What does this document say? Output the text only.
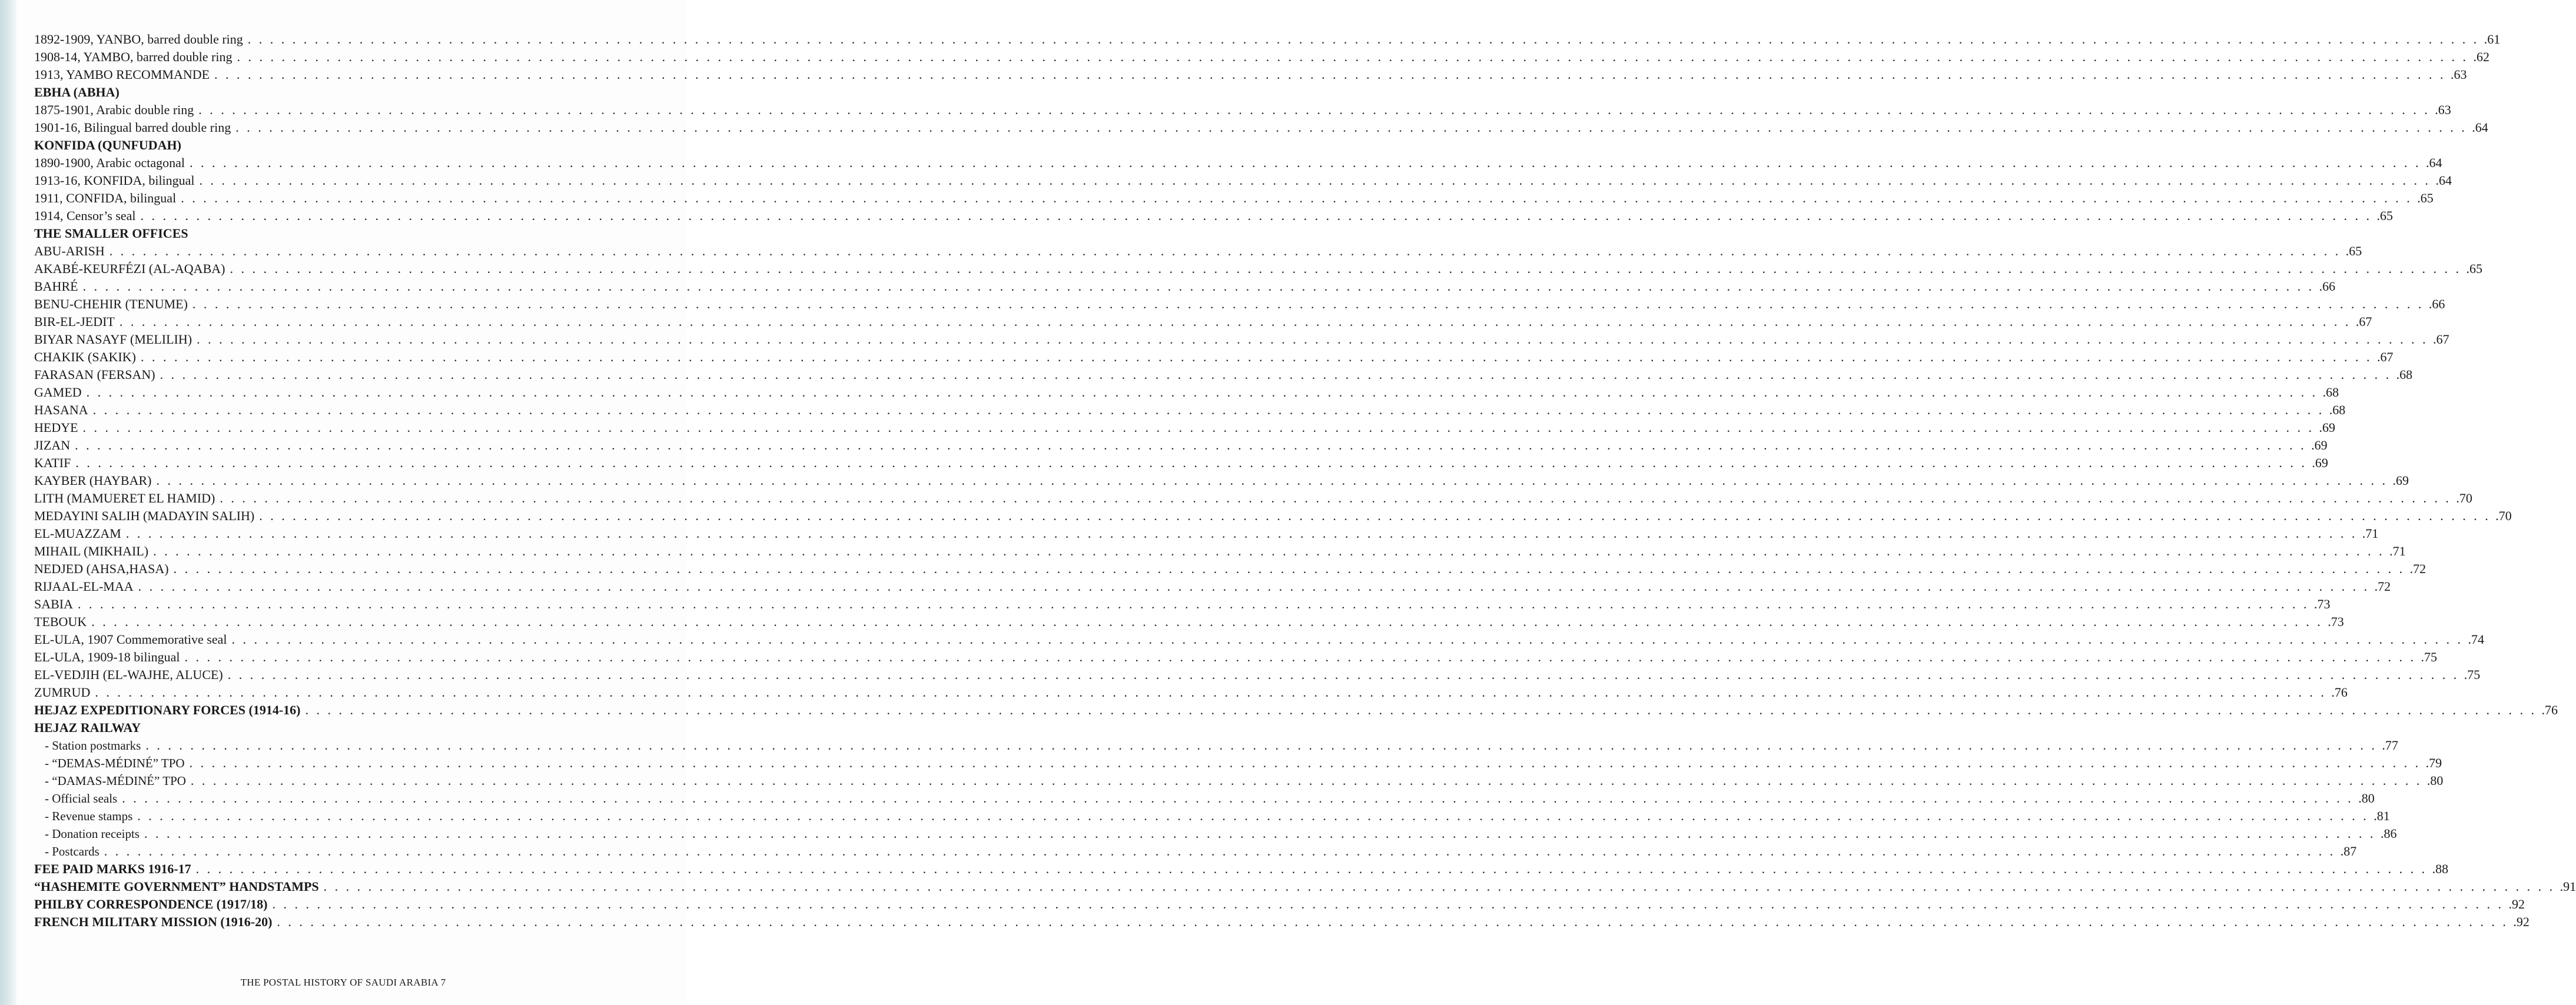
1892-1909, YANBO, barred double ring . . . . . . . . . . . . . . . . . . . . . . . . . . . . . . . . . . . . . . . . . . . . . . . . . . . . . . . . . . . . . . . . . . . . . . . . . . . . . . . . . . . . . . . . . . . . . . . . . . . . . . . . . . . . . . . . . . . . . . . . . . . . . . . . . . . . . . . . . . . . . . . . . . . . . . . . . . . . . . . . . . . . . . . . . . . . . . . . . . . . . . . . . . . . . . . . . . . . . . . . .61
1908-14, YAMBO, barred double ring . . . . . . . . . . . . . . . . . . . . . . . . . . . . . . . . . . . . . . . . . . . . . . . . . . . . . . . . . . . . . . . . . . . . . . . . . . . . . . . . . . . . . . . . . . . . . . . . . . . . . . . . . . . . . . . . . . . . . . . . . . . . . . . . . . . . . . . . . . . . . . . . . . . . . . . . . . . . . . . . . . . . . . . . . . . . . . . . . . . . . . . . . . . . . . . . . . . . . . . . .62
1913, YAMBO RECOMMANDE . . . . . . . . . . . . . . . . . . . . . . . . . . . . . . . . . . . . . . . . . . . . . . . . . . . . . . . . . . . . . . . . . . . . . . . . . . . . . . . . . . . . . . . . . . . . . . . . . . . . . . . . . . . . . . . . . . . . . . . . . . . . . . . . . . . . . . . . . . . . . . . . . . . . . . . . . . . . . . . . . . . . . . . . . . . . . . . . . . . . . . . . . . . . . . . . . . . . . . . . .63
EBHA (ABHA)
1875-1901, Arabic double ring . . . . . . . . . . . . . . . . . . . . . . . . . . . . . . . . . . . . . . . . . . . . . . . . . . . . . . . . . . . . . . . . . . . . . . . . . . . . . . . . . . . . . . . . . . . . . . . . . . . . . . . . . . . . . . . . . . . . . . . . . . . . . . . . . . . . . . . . . . . . . . . . . . . . . . . . . . . . . . . . . . . . . . . . . . . . . . . . . . . . . . . . . . . . . . . . . . . . . . . . .63
1901-16, Bilingual barred double ring . . . . . . . . . . . . . . . . . . . . . . . . . . . . . . . . . . . . . . . . . . . . . . . . . . . . . . . . . . . . . . . . . . . . . . . . . . . . . . . . . . . . . . . . . . . . . . . . . . . . . . . . . . . . . . . . . . . . . . . . . . . . . . . . . . . . . . . . . . . . . . . . . . . . . . . . . . . . . . . . . . . . . . . . . . . . . . . . . . . . . . . . . . . . . . . . . . . . . . . . .64
KONFIDA (QUNFUDAH)
1890-1900, Arabic octagonal . . . . . . . . . . . . . . . . . . . . . . . . . . . . . . . . . . . . . . . . . . . . . . . . . . . . . . . . . . . . . . . . . . . . . . . . . . . . . . . . . . . . . . . . . . . . . . . . . . . . . . . . . . . . . . . . . . . . . . . . . . . . . . . . . . . . . . . . . . . . . . . . . . . . . . . . . . . . . . . . . . . . . . . . . . . . . . . . . . . . . . . . . . . . . . . . . . . . . . . . .64
1913-16, KONFIDA, bilingual . . . . . . . . . . . . . . . . . . . . . . . . . . . . . . . . . . . . . . . . . . . . . . . . . . . . . . . . . . . . . . . . . . . . . . . . . . . . . . . . . . . . . . . . . . . . . . . . . . . . . . . . . . . . . . . . . . . . . . . . . . . . . . . . . . . . . . . . . . . . . . . . . . . . . . . . . . . . . . . . . . . . . . . . . . . . . . . . . . . . . . . . . . . . . . . . . . . . . . . . .64
1911, CONFIDA, bilingual . . . . . . . . . . . . . . . . . . . . . . . . . . . . . . . . . . . . . . . . . . . . . . . . . . . . . . . . . . . . . . . . . . . . . . . . . . . . . . . . . . . . . . . . . . . . . . . . . . . . . . . . . . . . . . . . . . . . . . . . . . . . . . . . . . . . . . . . . . . . . . . . . . . . . . . . . . . . . . . . . . . . . . . . . . . . . . . . . . . . . . . . . . . . . . . . . . . . . . . . .65
1914, Censor’s seal . . . . . . . . . . . . . . . . . . . . . . . . . . . . . . . . . . . . . . . . . . . . . . . . . . . . . . . . . . . . . . . . . . . . . . . . . . . . . . . . . . . . . . . . . . . . . . . . . . . . . . . . . . . . . . . . . . . . . . . . . . . . . . . . . . . . . . . . . . . . . . . . . . . . . . . . . . . . . . . . . . . . . . . . . . . . . . . . . . . . . . . . . . . . . . . . . . . . . . . . .65
THE SMALLER OFFICES
ABU-ARISH . . . . . . . . . . . . . . . . . . . . . . . . . . . . . . . . . . . . . . . . . . . . . . . . . . . . . . . . . . . . . . . . . . . . . . . . . . . . . . . . . . . . . . . . . . . . . . . . . . . . . . . . . . . . . . . . . . . . . . . . . . . . . . . . . . . . . . . . . . . . . . . . . . . . . . . . . . . . . . . . . . . . . . . . . . . . . . . . . . . . . . . . . . . . . . . . . . . . . . . . .65
AKABÉ-KEURFÉZI (AL-AQABA) . . . . . . . . . . . . . . . . . . . . . . . . . . . . . . . . . . . . . . . . . . . . . . . . . . . . . . . . . . . . . . . . . . . . . . . . . . . . . . . . . . . . . . . . . . . . . . . . . . . . . . . . . . . . . . . . . . . . . . . . . . . . . . . . . . . . . . . . . . . . . . . . . . . . . . . . . . . . . . . . . . . . . . . . . . . . . . . . . . . . . . . . . . . . . . . . . . . . . . . . .65
BAHRÉ . . . . . . . . . . . . . . . . . . . . . . . . . . . . . . . . . . . . . . . . . . . . . . . . . . . . . . . . . . . . . . . . . . . . . . . . . . . . . . . . . . . . . . . . . . . . . . . . . . . . . . . . . . . . . . . . . . . . . . . . . . . . . . . . . . . . . . . . . . . . . . . . . . . . . . . . . . . . . . . . . . . . . . . . . . . . . . . . . . . . . . . . . . . . . . . . . . . . . . . . .66
BENU-CHEHIR (TENUME) . . . . . . . . . . . . . . . . . . . . . . . . . . . . . . . . . . . . . . . . . . . . . . . . . . . . . . . . . . . . . . . . . . . . . . . . . . . . . . . . . . . . . . . . . . . . . . . . . . . . . . . . . . . . . . . . . . . . . . . . . . . . . . . . . . . . . . . . . . . . . . . . . . . . . . . . . . . . . . . . . . . . . . . . . . . . . . . . . . . . . . . . . . . . . . . . . . . . . . . . .66
BIR-EL-JEDIT . . . . . . . . . . . . . . . . . . . . . . . . . . . . . . . . . . . . . . . . . . . . . . . . . . . . . . . . . . . . . . . . . . . . . . . . . . . . . . . . . . . . . . . . . . . . . . . . . . . . . . . . . . . . . . . . . . . . . . . . . . . . . . . . . . . . . . . . . . . . . . . . . . . . . . . . . . . . . . . . . . . . . . . . . . . . . . . . . . . . . . . . . . . . . . . . . . . . . . . . .67
BIYAR NASAYF (MELILIH) . . . . . . . . . . . . . . . . . . . . . . . . . . . . . . . . . . . . . . . . . . . . . . . . . . . . . . . . . . . . . . . . . . . . . . . . . . . . . . . . . . . . . . . . . . . . . . . . . . . . . . . . . . . . . . . . . . . . . . . . . . . . . . . . . . . . . . . . . . . . . . . . . . . . . . . . . . . . . . . . . . . . . . . . . . . . . . . . . . . . . . . . . . . . . . . . . . . . . . . . .67
CHAKIK (SAKIK) . . . . . . . . . . . . . . . . . . . . . . . . . . . . . . . . . . . . . . . . . . . . . . . . . . . . . . . . . . . . . . . . . . . . . . . . . . . . . . . . . . . . . . . . . . . . . . . . . . . . . . . . . . . . . . . . . . . . . . . . . . . . . . . . . . . . . . . . . . . . . . . . . . . . . . . . . . . . . . . . . . . . . . . . . . . . . . . . . . . . . . . . . . . . . . . . . . . . . . . . .67
FARASAN (FERSAN) . . . . . . . . . . . . . . . . . . . . . . . . . . . . . . . . . . . . . . . . . . . . . . . . . . . . . . . . . . . . . . . . . . . . . . . . . . . . . . . . . . . . . . . . . . . . . . . . . . . . . . . . . . . . . . . . . . . . . . . . . . . . . . . . . . . . . . . . . . . . . . . . . . . . . . . . . . . . . . . . . . . . . . . . . . . . . . . . . . . . . . . . . . . . . . . . . . . . . . . . .68
GAMED . . . . . . . . . . . . . . . . . . . . . . . . . . . . . . . . . . . . . . . . . . . . . . . . . . . . . . . . . . . . . . . . . . . . . . . . . . . . . . . . . . . . . . . . . . . . . . . . . . . . . . . . . . . . . . . . . . . . . . . . . . . . . . . . . . . . . . . . . . . . . . . . . . . . . . . . . . . . . . . . . . . . . . . . . . . . . . . . . . . . . . . . . . . . . . . . . . . . . . . . .68
HASANA . . . . . . . . . . . . . . . . . . . . . . . . . . . . . . . . . . . . . . . . . . . . . . . . . . . . . . . . . . . . . . . . . . . . . . . . . . . . . . . . . . . . . . . . . . . . . . . . . . . . . . . . . . . . . . . . . . . . . . . . . . . . . . . . . . . . . . . . . . . . . . . . . . . . . . . . . . . . . . . . . . . . . . . . . . . . . . . . . . . . . . . . . . . . . . . . . . . . . . . . .68
HEDYE . . . . . . . . . . . . . . . . . . . . . . . . . . . . . . . . . . . . . . . . . . . . . . . . . . . . . . . . . . . . . . . . . . . . . . . . . . . . . . . . . . . . . . . . . . . . . . . . . . . . . . . . . . . . . . . . . . . . . . . . . . . . . . . . . . . . . . . . . . . . . . . . . . . . . . . . . . . . . . . . . . . . . . . . . . . . . . . . . . . . . . . . . . . . . . . . . . . . . . . . .69
JIZAN . . . . . . . . . . . . . . . . . . . . . . . . . . . . . . . . . . . . . . . . . . . . . . . . . . . . . . . . . . . . . . . . . . . . . . . . . . . . . . . . . . . . . . . . . . . . . . . . . . . . . . . . . . . . . . . . . . . . . . . . . . . . . . . . . . . . . . . . . . . . . . . . . . . . . . . . . . . . . . . . . . . . . . . . . . . . . . . . . . . . . . . . . . . . . . . . . . . . . . . . .69
KATIF . . . . . . . . . . . . . . . . . . . . . . . . . . . . . . . . . . . . . . . . . . . . . . . . . . . . . . . . . . . . . . . . . . . . . . . . . . . . . . . . . . . . . . . . . . . . . . . . . . . . . . . . . . . . . . . . . . . . . . . . . . . . . . . . . . . . . . . . . . . . . . . . . . . . . . . . . . . . . . . . . . . . . . . . . . . . . . . . . . . . . . . . . . . . . . . . . . . . . . . . .69
KAYBER (HAYBAR) . . . . . . . . . . . . . . . . . . . . . . . . . . . . . . . . . . . . . . . . . . . . . . . . . . . . . . . . . . . . . . . . . . . . . . . . . . . . . . . . . . . . . . . . . . . . . . . . . . . . . . . . . . . . . . . . . . . . . . . . . . . . . . . . . . . . . . . . . . . . . . . . . . . . . . . . . . . . . . . . . . . . . . . . . . . . . . . . . . . . . . . . . . . . . . . . . . . . . . . . .69
LITH (MAMUERET EL HAMID) . . . . . . . . . . . . . . . . . . . . . . . . . . . . . . . . . . . . . . . . . . . . . . . . . . . . . . . . . . . . . . . . . . . . . . . . . . . . . . . . . . . . . . . . . . . . . . . . . . . . . . . . . . . . . . . . . . . . . . . . . . . . . . . . . . . . . . . . . . . . . . . . . . . . . . . . . . . . . . . . . . . . . . . . . . . . . . . . . . . . . . . . . . . . . . . . . . . . . . . . .70
MEDAYINI SALIH (MADAYIN SALIH) . . . . . . . . . . . . . . . . . . . . . . . . . . . . . . . . . . . . . . . . . . . . . . . . . . . . . . . . . . . . . . . . . . . . . . . . . . . . . . . . . . . . . . . . . . . . . . . . . . . . . . . . . . . . . . . . . . . . . . . . . . . . . . . . . . . . . . . . . . . . . . . . . . . . . . . . . . . . . . . . . . . . . . . . . . . . . . . . . . . . . . . . . . . . . . . . . . . . . . . . .70
EL-MUAZZAM . . . . . . . . . . . . . . . . . . . . . . . . . . . . . . . . . . . . . . . . . . . . . . . . . . . . . . . . . . . . . . . . . . . . . . . . . . . . . . . . . . . . . . . . . . . . . . . . . . . . . . . . . . . . . . . . . . . . . . . . . . . . . . . . . . . . . . . . . . . . . . . . . . . . . . . . . . . . . . . . . . . . . . . . . . . . . . . . . . . . . . . . . . . . . . . . . . . . . . . . .71
MIHAIL (MIKHAIL) . . . . . . . . . . . . . . . . . . . . . . . . . . . . . . . . . . . . . . . . . . . . . . . . . . . . . . . . . . . . . . . . . . . . . . . . . . . . . . . . . . . . . . . . . . . . . . . . . . . . . . . . . . . . . . . . . . . . . . . . . . . . . . . . . . . . . . . . . . . . . . . . . . . . . . . . . . . . . . . . . . . . . . . . . . . . . . . . . . . . . . . . . . . . . . . . . . . . . . . . .71
NEDJED (AHSA,HASA) . . . . . . . . . . . . . . . . . . . . . . . . . . . . . . . . . . . . . . . . . . . . . . . . . . . . . . . . . . . . . . . . . . . . . . . . . . . . . . . . . . . . . . . . . . . . . . . . . . . . . . . . . . . . . . . . . . . . . . . . . . . . . . . . . . . . . . . . . . . . . . . . . . . . . . . . . . . . . . . . . . . . . . . . . . . . . . . . . . . . . . . . . . . . . . . . . . . . . . . . .72
RIJAAL-EL-MAA . . . . . . . . . . . . . . . . . . . . . . . . . . . . . . . . . . . . . . . . . . . . . . . . . . . . . . . . . . . . . . . . . . . . . . . . . . . . . . . . . . . . . . . . . . . . . . . . . . . . . . . . . . . . . . . . . . . . . . . . . . . . . . . . . . . . . . . . . . . . . . . . . . . . . . . . . . . . . . . . . . . . . . . . . . . . . . . . . . . . . . . . . . . . . . . . . . . . . . . . .72
SABIA . . . . . . . . . . . . . . . . . . . . . . . . . . . . . . . . . . . . . . . . . . . . . . . . . . . . . . . . . . . . . . . . . . . . . . . . . . . . . . . . . . . . . . . . . . . . . . . . . . . . . . . . . . . . . . . . . . . . . . . . . . . . . . . . . . . . . . . . . . . . . . . . . . . . . . . . . . . . . . . . . . . . . . . . . . . . . . . . . . . . . . . . . . . . . . . . . . . . . . . . .73
TEBOUK . . . . . . . . . . . . . . . . . . . . . . . . . . . . . . . . . . . . . . . . . . . . . . . . . . . . . . . . . . . . . . . . . . . . . . . . . . . . . . . . . . . . . . . . . . . . . . . . . . . . . . . . . . . . . . . . . . . . . . . . . . . . . . . . . . . . . . . . . . . . . . . . . . . . . . . . . . . . . . . . . . . . . . . . . . . . . . . . . . . . . . . . . . . . . . . . . . . . . . . . .73
EL-ULA, 1907 Commemorative seal . . . . . . . . . . . . . . . . . . . . . . . . . . . . . . . . . . . . . . . . . . . . . . . . . . . . . . . . . . . . . . . . . . . . . . . . . . . . . . . . . . . . . . . . . . . . . . . . . . . . . . . . . . . . . . . . . . . . . . . . . . . . . . . . . . . . . . . . . . . . . . . . . . . . . . . . . . . . . . . . . . . . . . . . . . . . . . . . . . . . . . . . . . . . . . . . . . . . . . . . .74
EL-ULA, 1909-18 bilingual . . . . . . . . . . . . . . . . . . . . . . . . . . . . . . . . . . . . . . . . . . . . . . . . . . . . . . . . . . . . . . . . . . . . . . . . . . . . . . . . . . . . . . . . . . . . . . . . . . . . . . . . . . . . . . . . . . . . . . . . . . . . . . . . . . . . . . . . . . . . . . . . . . . . . . . . . . . . . . . . . . . . . . . . . . . . . . . . . . . . . . . . . . . . . . . . . . . . . . . . .75
EL-VEDJIH (EL-WAJHE, ALUCE) . . . . . . . . . . . . . . . . . . . . . . . . . . . . . . . . . . . . . . . . . . . . . . . . . . . . . . . . . . . . . . . . . . . . . . . . . . . . . . . . . . . . . . . . . . . . . . . . . . . . . . . . . . . . . . . . . . . . . . . . . . . . . . . . . . . . . . . . . . . . . . . . . . . . . . . . . . . . . . . . . . . . . . . . . . . . . . . . . . . . . . . . . . . . . . . . . . . . . . . . .75
ZUMRUD . . . . . . . . . . . . . . . . . . . . . . . . . . . . . . . . . . . . . . . . . . . . . . . . . . . . . . . . . . . . . . . . . . . . . . . . . . . . . . . . . . . . . . . . . . . . . . . . . . . . . . . . . . . . . . . . . . . . . . . . . . . . . . . . . . . . . . . . . . . . . . . . . . . . . . . . . . . . . . . . . . . . . . . . . . . . . . . . . . . . . . . . . . . . . . . . . . . . . . . . .76
HEJAZ EXPEDITIONARY FORCES (1914-16) . . . . . . . . . . . . . . . . . . . . . . . . . . . . . . . . . . . . . . . . . . . . . . . . . . . . . . . . . . . . . . . . . . . . . . . . . . . . . . . . . . . . . . . . . . . . . . . . . . . . . . . . . . . . . . . . . . . . . . . . . . . . . . . . . . . . . . . . . . . . . . . . . . . . . . . . . . . . . . . . . . . . . . . . . . . . . . . . . . . . . . . . . . . . . . . . . . . . . . . . .76
HEJAZ RAILWAY
- Station postmarks . . . . . . . . . . . . . . . . . . . . . . . . . . . . . . . . . . . . . . . . . . . . . . . . . . . . . . . . . . . . . . . . . . . . . . . . . . . . . . . . . . . . . . . . . . . . . . . . . . . . . . . . . . . . . . . . . . . . . . . . . . . . . . . . . . . . . . . . . . . . . . . . . . . . . . . . . . . . . . . . . . . . . . . . . . . . . . . . . . . . . . . . . . . . . . . . . . . . . . . . .77
- “DEMAS-MÉDINÉ” TPO . . . . . . . . . . . . . . . . . . . . . . . . . . . . . . . . . . . . . . . . . . . . . . . . . . . . . . . . . . . . . . . . . . . . . . . . . . . . . . . . . . . . . . . . . . . . . . . . . . . . . . . . . . . . . . . . . . . . . . . . . . . . . . . . . . . . . . . . . . . . . . . . . . . . . . . . . . . . . . . . . . . . . . . . . . . . . . . . . . . . . . . . . . . . . . . . . . . . . . . . .79
- “DAMAS-MÉDINÉ” TPO . . . . . . . . . . . . . . . . . . . . . . . . . . . . . . . . . . . . . . . . . . . . . . . . . . . . . . . . . . . . . . . . . . . . . . . . . . . . . . . . . . . . . . . . . . . . . . . . . . . . . . . . . . . . . . . . . . . . . . . . . . . . . . . . . . . . . . . . . . . . . . . . . . . . . . . . . . . . . . . . . . . . . . . . . . . . . . . . . . . . . . . . . . . . . . . . . . . . . . . . .80
- Official seals . . . . . . . . . . . . . . . . . . . . . . . . . . . . . . . . . . . . . . . . . . . . . . . . . . . . . . . . . . . . . . . . . . . . . . . . . . . . . . . . . . . . . . . . . . . . . . . . . . . . . . . . . . . . . . . . . . . . . . . . . . . . . . . . . . . . . . . . . . . . . . . . . . . . . . . . . . . . . . . . . . . . . . . . . . . . . . . . . . . . . . . . . . . . . . . . . . . . . . . . .80
- Revenue stamps . . . . . . . . . . . . . . . . . . . . . . . . . . . . . . . . . . . . . . . . . . . . . . . . . . . . . . . . . . . . . . . . . . . . . . . . . . . . . . . . . . . . . . . . . . . . . . . . . . . . . . . . . . . . . . . . . . . . . . . . . . . . . . . . . . . . . . . . . . . . . . . . . . . . . . . . . . . . . . . . . . . . . . . . . . . . . . . . . . . . . . . . . . . . . . . . . . . . . . . . .81
- Donation receipts . . . . . . . . . . . . . . . . . . . . . . . . . . . . . . . . . . . . . . . . . . . . . . . . . . . . . . . . . . . . . . . . . . . . . . . . . . . . . . . . . . . . . . . . . . . . . . . . . . . . . . . . . . . . . . . . . . . . . . . . . . . . . . . . . . . . . . . . . . . . . . . . . . . . . . . . . . . . . . . . . . . . . . . . . . . . . . . . . . . . . . . . . . . . . . . . . . . . . . . . .86
- Postcards . . . . . . . . . . . . . . . . . . . . . . . . . . . . . . . . . . . . . . . . . . . . . . . . . . . . . . . . . . . . . . . . . . . . . . . . . . . . . . . . . . . . . . . . . . . . . . . . . . . . . . . . . . . . . . . . . . . . . . . . . . . . . . . . . . . . . . . . . . . . . . . . . . . . . . . . . . . . . . . . . . . . . . . . . . . . . . . . . . . . . . . . . . . . . . . . . . . . . . . . .87
FEE PAID MARKS 1916-17 . . . . . . . . . . . . . . . . . . . . . . . . . . . . . . . . . . . . . . . . . . . . . . . . . . . . . . . . . . . . . . . . . . . . . . . . . . . . . . . . . . . . . . . . . . . . . . . . . . . . . . . . . . . . . . . . . . . . . . . . . . . . . . . . . . . . . . . . . . . . . . . . . . . . . . . . . . . . . . . . . . . . . . . . . . . . . . . . . . . . . . . . . . . . . . . . . . . . . . . . .88
“HASHEMITE GOVERNMENT” HANDSTAMPS . . . . . . . . . . . . . . . . . . . . . . . . . . . . . . . . . . . . . . . . . . . . . . . . . . . . . . . . . . . . . . . . . . . . . . . . . . . . . . . . . . . . . . . . . . . . . . . . . . . . . . . . . . . . . . . . . . . . . . . . . . . . . . . . . . . . . . . . . . . . . . . . . . . . . . . . . . . . . . . . . . . . . . . . . . . . . . . . . . . . . . . . . . . . . . . . . . . . . . . . .91
PHILBY CORRESPONDENCE (1917/18) . . . . . . . . . . . . . . . . . . . . . . . . . . . . . . . . . . . . . . . . . . . . . . . . . . . . . . . . . . . . . . . . . . . . . . . . . . . . . . . . . . . . . . . . . . . . . . . . . . . . . . . . . . . . . . . . . . . . . . . . . . . . . . . . . . . . . . . . . . . . . . . . . . . . . . . . . . . . . . . . . . . . . . . . . . . . . . . . . . . . . . . . . . . . . . . . . . . . . . . . .92
FRENCH MILITARY MISSION (1916-20) . . . . . . . . . . . . . . . . . . . . . . . . . . . . . . . . . . . . . . . . . . . . . . . . . . . . . . . . . . . . . . . . . . . . . . . . . . . . . . . . . . . . . . . . . . . . . . . . . . . . . . . . . . . . . . . . . . . . . . . . . . . . . . . . . . . . . . . . . . . . . . . . . . . . . . . . . . . . . . . . . . . . . . . . . . . . . . . . . . . . . . . . . . . . . . . . . . . . . . . . .92
THE POSTAL HISTORY OF SAUDI ARABIA 7
